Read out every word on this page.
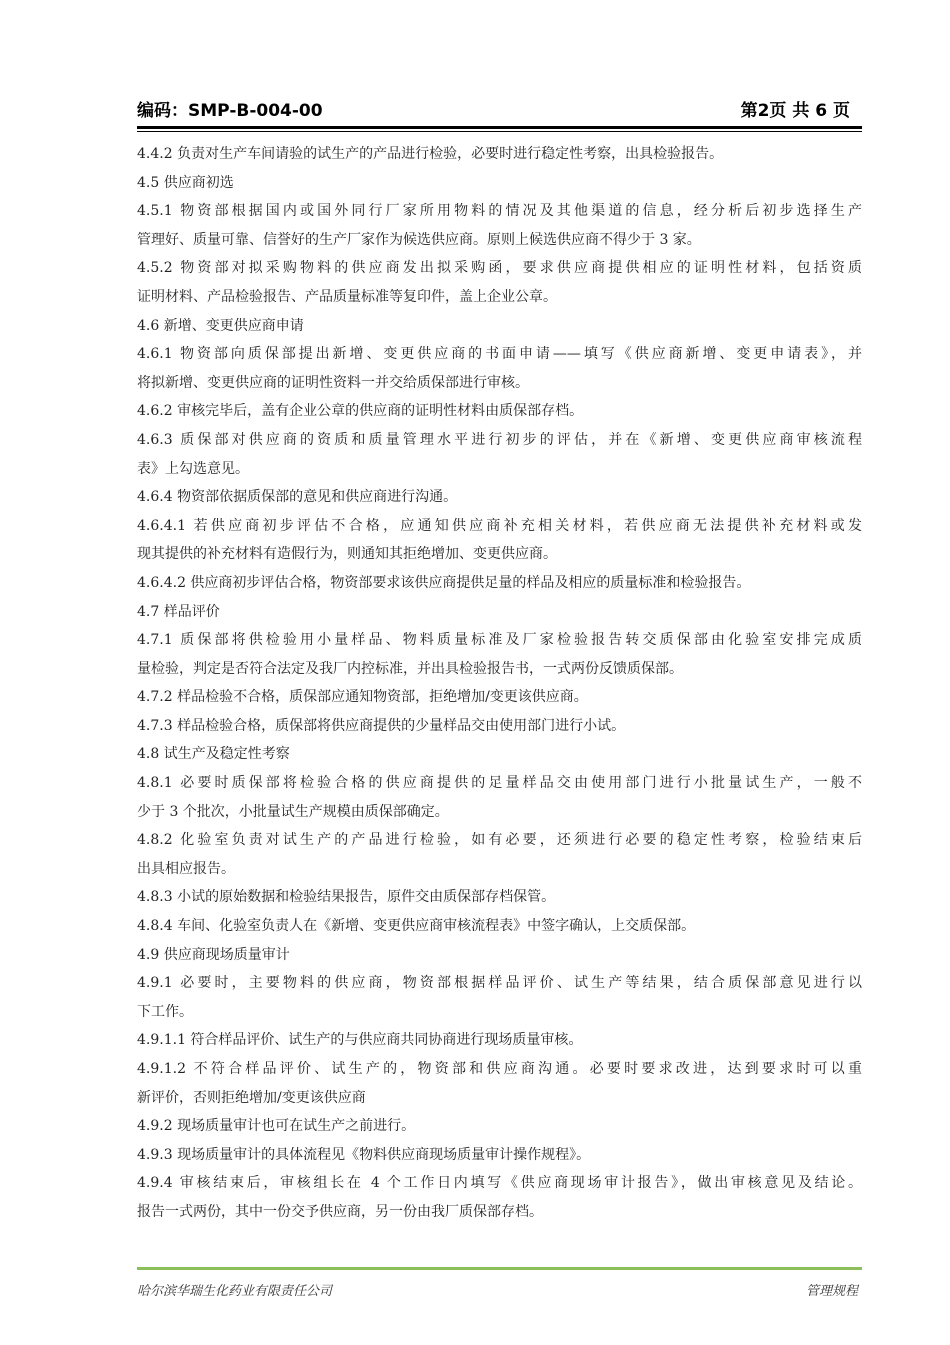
编码：SMP-B-004-00	第2页 共 6 页
4.4.2 负责对生产车间请验的试生产的产品进行检验，必要时进行稳定性考察，出具检验报告。
4.5 供应商初选
4.5.1 物资部根据国内或国外同行厂家所用物料的情况及其他渠道的信息，经分析后初步选择生产
管理好、质量可靠、信誉好的生产厂家作为候选供应商。原则上候选供应商不得少于 3 家。
4.5.2 物资部对拟采购物料的供应商发出拟采购函，要求供应商提供相应的证明性材料，包括资质
证明材料、产品检验报告、产品质量标准等复印件，盖上企业公章。
4.6 新增、变更供应商申请
4.6.1 物资部向质保部提出新增、变更供应商的书面申请——填写《供应商新增、变更申请表》，并
将拟新增、变更供应商的证明性资料一并交给质保部进行审核。
4.6.2 审核完毕后，盖有企业公章的供应商的证明性材料由质保部存档。
4.6.3 质保部对供应商的资质和质量管理水平进行初步的评估，并在《新增、变更供应商审核流程
表》上勾选意见。
4.6.4 物资部依据质保部的意见和供应商进行沟通。
4.6.4.1 若供应商初步评估不合格，应通知供应商补充相关材料，若供应商无法提供补充材料或发
现其提供的补充材料有造假行为，则通知其拒绝增加、变更供应商。
4.6.4.2 供应商初步评估合格，物资部要求该供应商提供足量的样品及相应的质量标准和检验报告。
4.7 样品评价
4.7.1 质保部将供检验用小量样品、物料质量标准及厂家检验报告转交质保部由化验室安排完成质
量检验，判定是否符合法定及我厂内控标准，并出具检验报告书，一式两份反馈质保部。
4.7.2 样品检验不合格，质保部应通知物资部，拒绝增加/变更该供应商。
4.7.3 样品检验合格，质保部将供应商提供的少量样品交由使用部门进行小试。
4.8 试生产及稳定性考察
4.8.1 必要时质保部将检验合格的供应商提供的足量样品交由使用部门进行小批量试生产，一般不
少于 3 个批次，小批量试生产规模由质保部确定。
4.8.2 化验室负责对试生产的产品进行检验，如有必要，还须进行必要的稳定性考察，检验结束后
出具相应报告。
4.8.3 小试的原始数据和检验结果报告，原件交由质保部存档保管。
4.8.4 车间、化验室负责人在《新增、变更供应商审核流程表》中签字确认，上交质保部。
4.9 供应商现场质量审计
4.9.1 必要时，主要物料的供应商，物资部根据样品评价、试生产等结果，结合质保部意见进行以
下工作。
4.9.1.1 符合样品评价、试生产的与供应商共同协商进行现场质量审核。
4.9.1.2 不符合样品评价、试生产的，物资部和供应商沟通。必要时要求改进，达到要求时可以重
新评价，否则拒绝增加/变更该供应商
4.9.2 现场质量审计也可在试生产之前进行。
4.9.3 现场质量审计的具体流程见《物料供应商现场质量审计操作规程》。
4.9.4 审核结束后，审核组长在 4 个工作日内填写《供应商现场审计报告》，做出审核意见及结论。
报告一式两份，其中一份交予供应商，另一份由我厂质保部存档。
哈尔滨华瑞生化药业有限责任公司	管理规程
